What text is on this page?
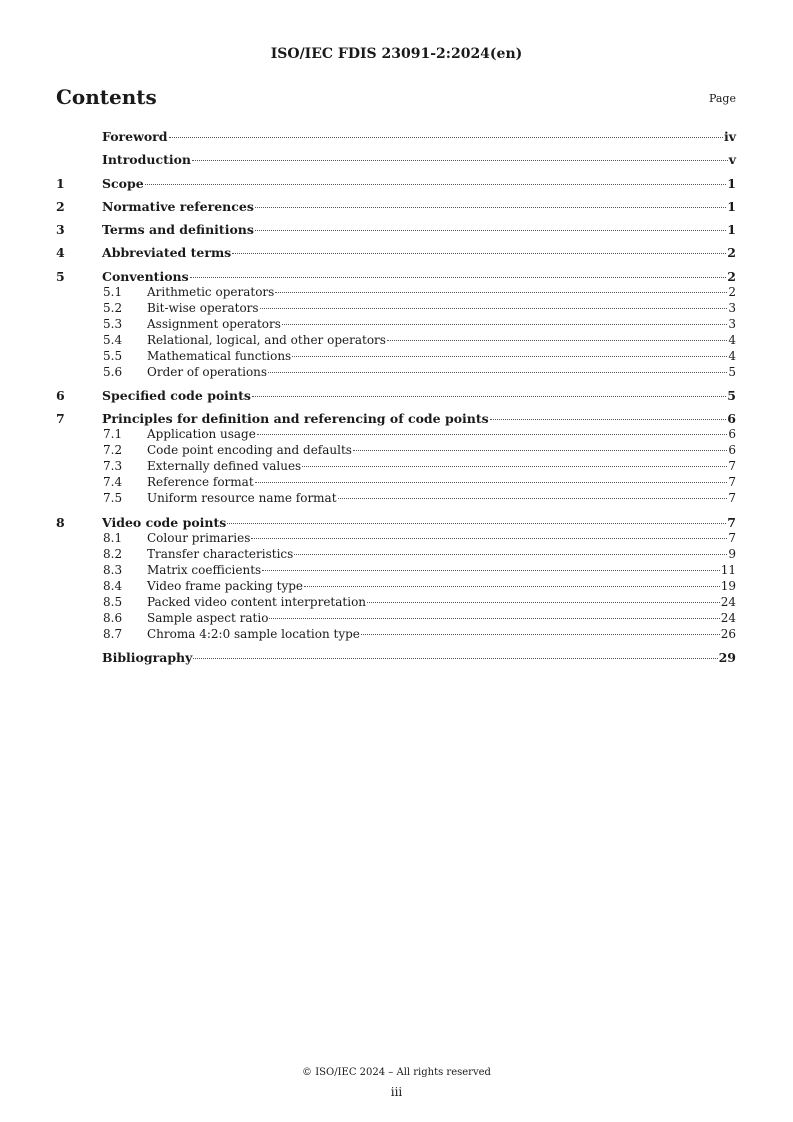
ISO/IEC FDIS 23091-2:2024(en)
Contents	Page
Foreword	iv
Introduction	v
1	Scope	1
2	Normative references	1
3	Terms and definitions	1
4	Abbreviated terms	2
5	Conventions	2
5.1	Arithmetic operators	2
5.2	Bit-wise operators	3
5.3	Assignment operators	3
5.4	Relational, logical, and other operators	4
5.5	Mathematical functions	4
5.6	Order of operations	5
6	Specified code points	5
7	Principles for definition and referencing of code points	6
7.1	Application usage	6
7.2	Code point encoding and defaults	6
7.3	Externally defined values	7
7.4	Reference format	7
7.5	Uniform resource name format	7
8	Video code points	7
8.1	Colour primaries	7
8.2	Transfer characteristics	9
8.3	Matrix coefficients	11
8.4	Video frame packing type	19
8.5	Packed video content interpretation	24
8.6	Sample aspect ratio	24
8.7	Chroma 4:2:0 sample location type	26
Bibliography	29
© ISO/IEC 2024 – All rights reserved
iii
